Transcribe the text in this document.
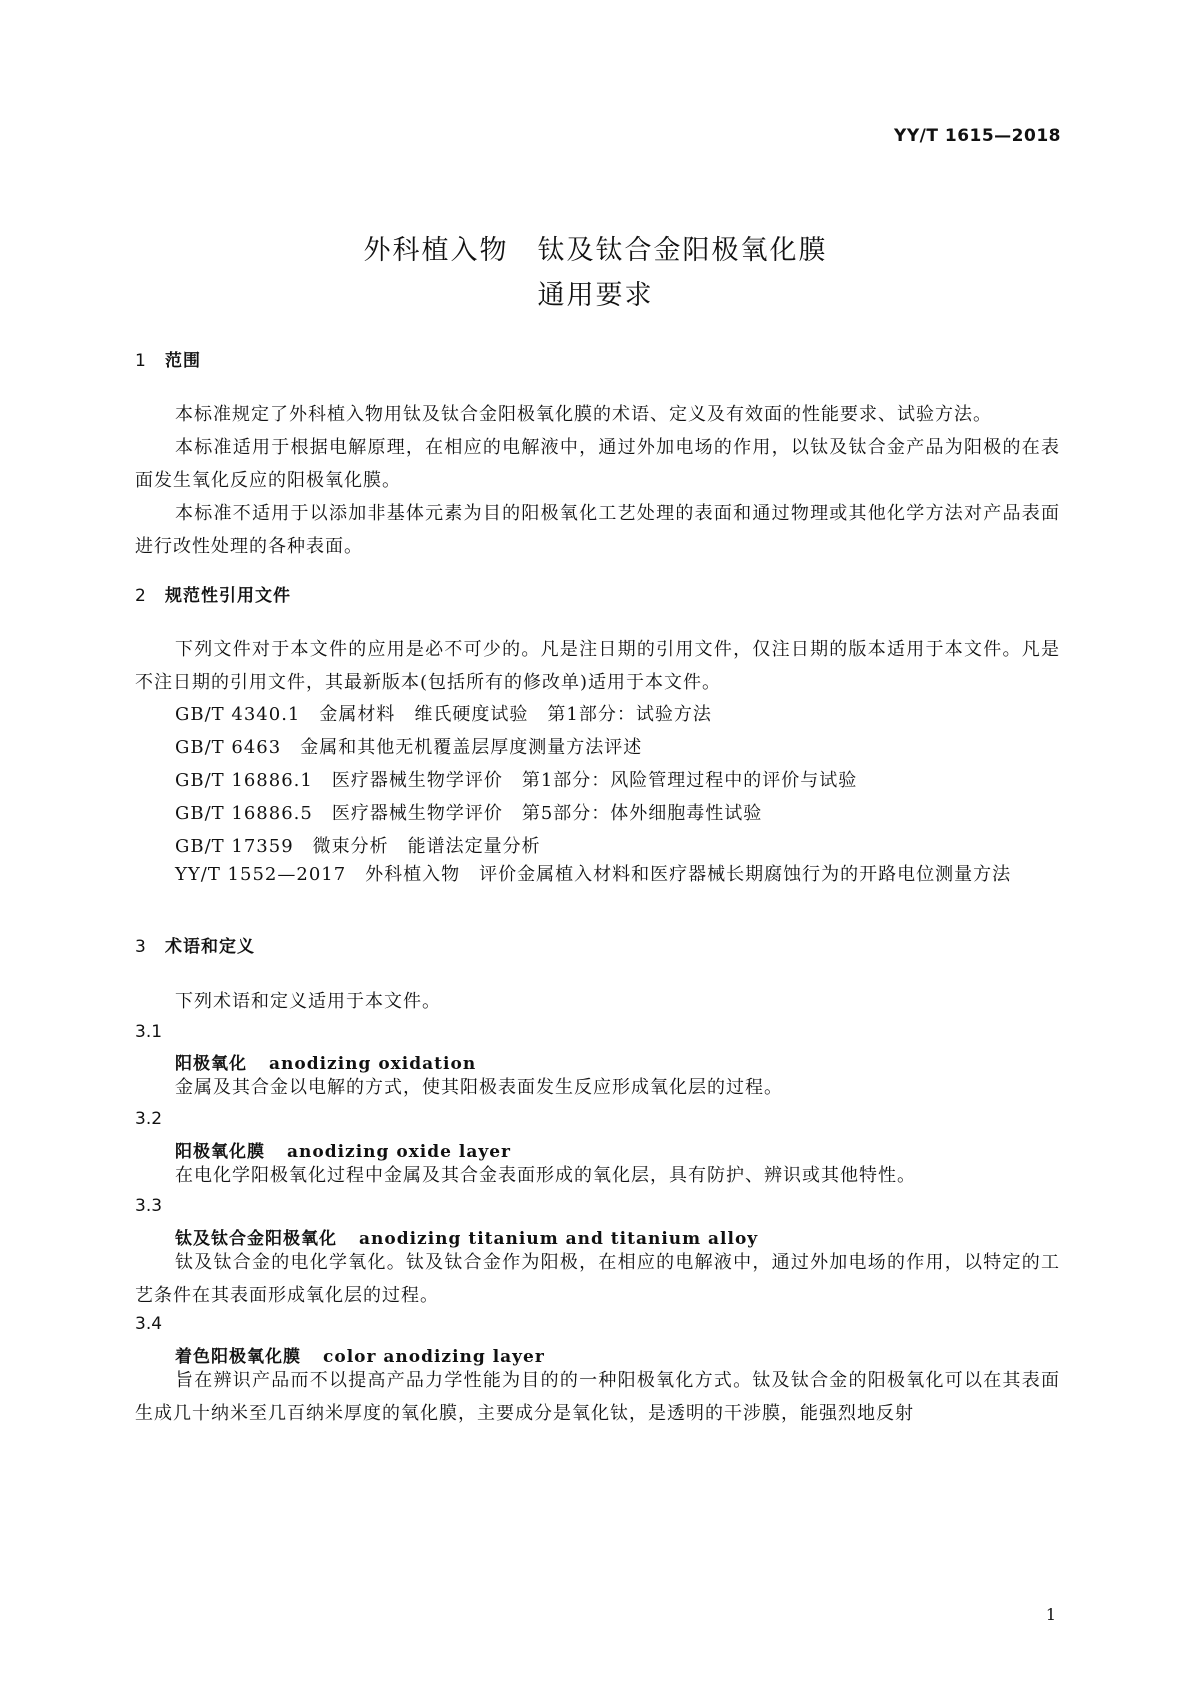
YY/T 1615—2018
外科植入物　钛及钛合金阳极氧化膜
通用要求
1 范围

本标准规定了外科植入物用钛及钛合金阳极氧化膜的术语、定义及有效面的性能要求、试验方法。

本标准适用于根据电解原理，在相应的电解液中，通过外加电场的作用，以钛及钛合金产品为阳极的在表面发生氧化反应的阳极氧化膜。

本标准不适用于以添加非基体元素为目的阳极氧化工艺处理的表面和通过物理或其他化学方法对产品表面进行改性处理的各种表面。

2 规范性引用文件

下列文件对于本文件的应用是必不可少的。凡是注日期的引用文件，仅注日期的版本适用于本文件。凡是不注日期的引用文件，其最新版本(包括所有的修改单)适用于本文件。

GB/T 4340.1　金属材料　维氏硬度试验　第1部分：试验方法

GB/T 6463　金属和其他无机覆盖层厚度测量方法评述

GB/T 16886.1　医疗器械生物学评价　第1部分：风险管理过程中的评价与试验

GB/T 16886.5　医疗器械生物学评价　第5部分：体外细胞毒性试验

GB/T 17359　微束分析　能谱法定量分析

YY/T 1552—2017　外科植入物　评价金属植入材料和医疗器械长期腐蚀行为的开路电位测量方法

3 术语和定义

下列术语和定义适用于本文件。

3.1
阳极氧化 anodizing oxidation

金属及其合金以电解的方式，使其阳极表面发生反应形成氧化层的过程。

3.2
阳极氧化膜 anodizing oxide layer

在电化学阳极氧化过程中金属及其合金表面形成的氧化层，具有防护、辨识或其他特性。

3.3
钛及钛合金阳极氧化 anodizing titanium and titanium alloy

钛及钛合金的电化学氧化。钛及钛合金作为阳极，在相应的电解液中，通过外加电场的作用，以特定的工艺条件在其表面形成氧化层的过程。

3.4
着色阳极氧化膜 color anodizing layer

旨在辨识产品而不以提高产品力学性能为目的的一种阳极氧化方式。钛及钛合金的阳极氧化可以在其表面生成几十纳米至几百纳米厚度的氧化膜，主要成分是氧化钛，是透明的干涉膜，能强烈地反射

1
